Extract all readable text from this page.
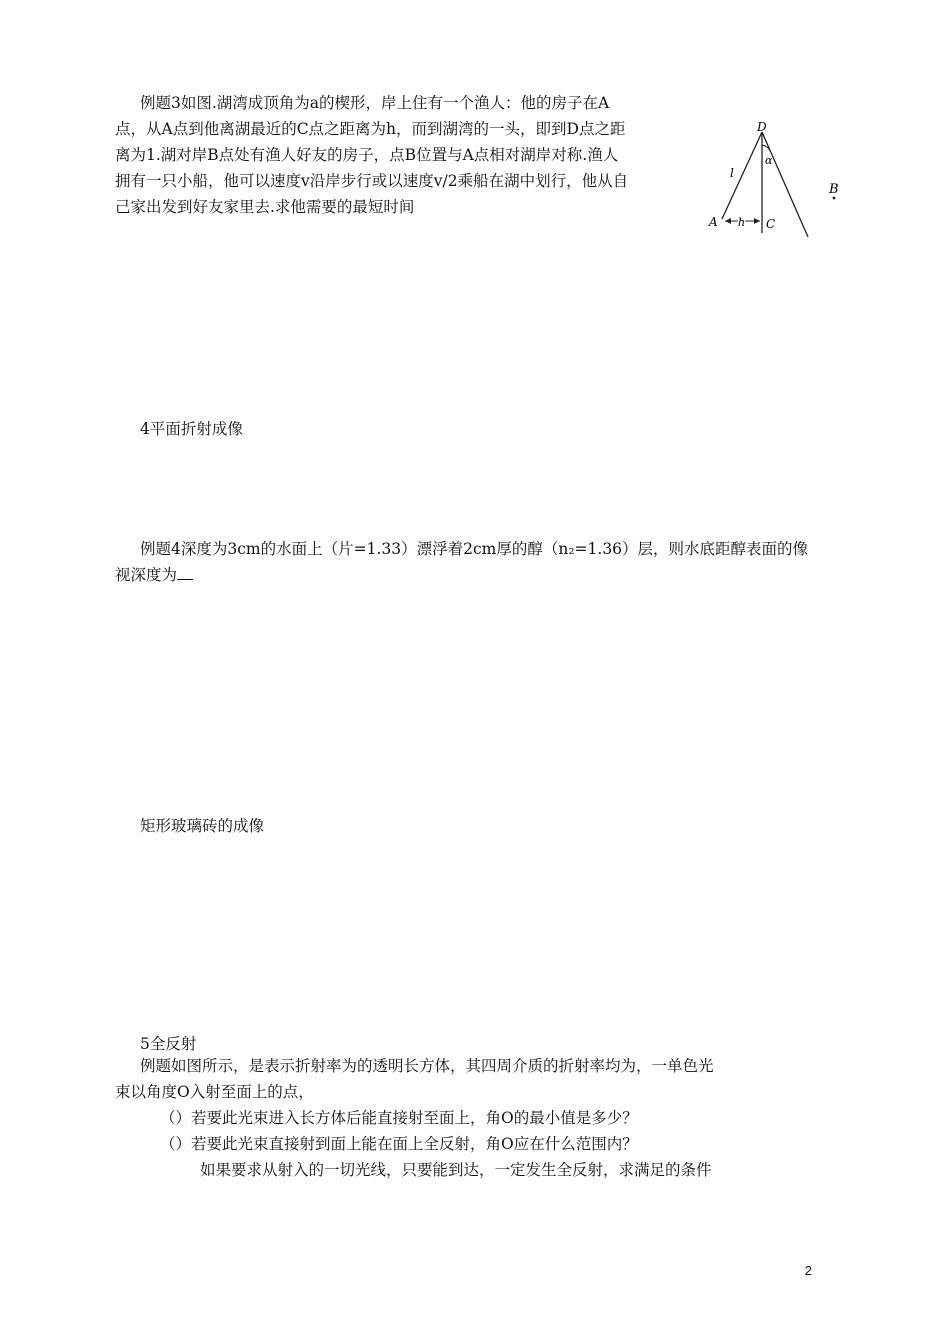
例题3如图.湖湾成顶角为a的楔形，岸上住有一个渔人：他的房子在A
点，从A点到他离湖最近的C点之距离为h，而到湖湾的一头，即到D点之距
离为1.湖对岸B点处有渔人好友的房子，点B位置与A点相对湖岸对称.渔人
拥有一只小船，他可以速度v沿岸步行或以速度v/2乘船在湖中划行，他从自
己家出发到好友家里去.求他需要的最短时间
D
α
l
A h C
B
4平面折射成像
例题4深度为3cm的水面上（片=1.33）漂浮着2cm厚的醇（n₂=1.36）层，则水底距醇表面的像
视深度为
矩形玻璃砖的成像
5全反射
例题如图所示，是表示折射率为的透明长方体，其四周介质的折射率均为，一单色光
束以角度O入射至面上的点，
（）若要此光束进入长方体后能直接射至面上，角O的最小值是多少？
（）若要此光束直接射到面上能在面上全反射，角O应在什么范围内？
如果要求从射入的一切光线，只要能到达，一定发生全反射，求满足的条件
2
